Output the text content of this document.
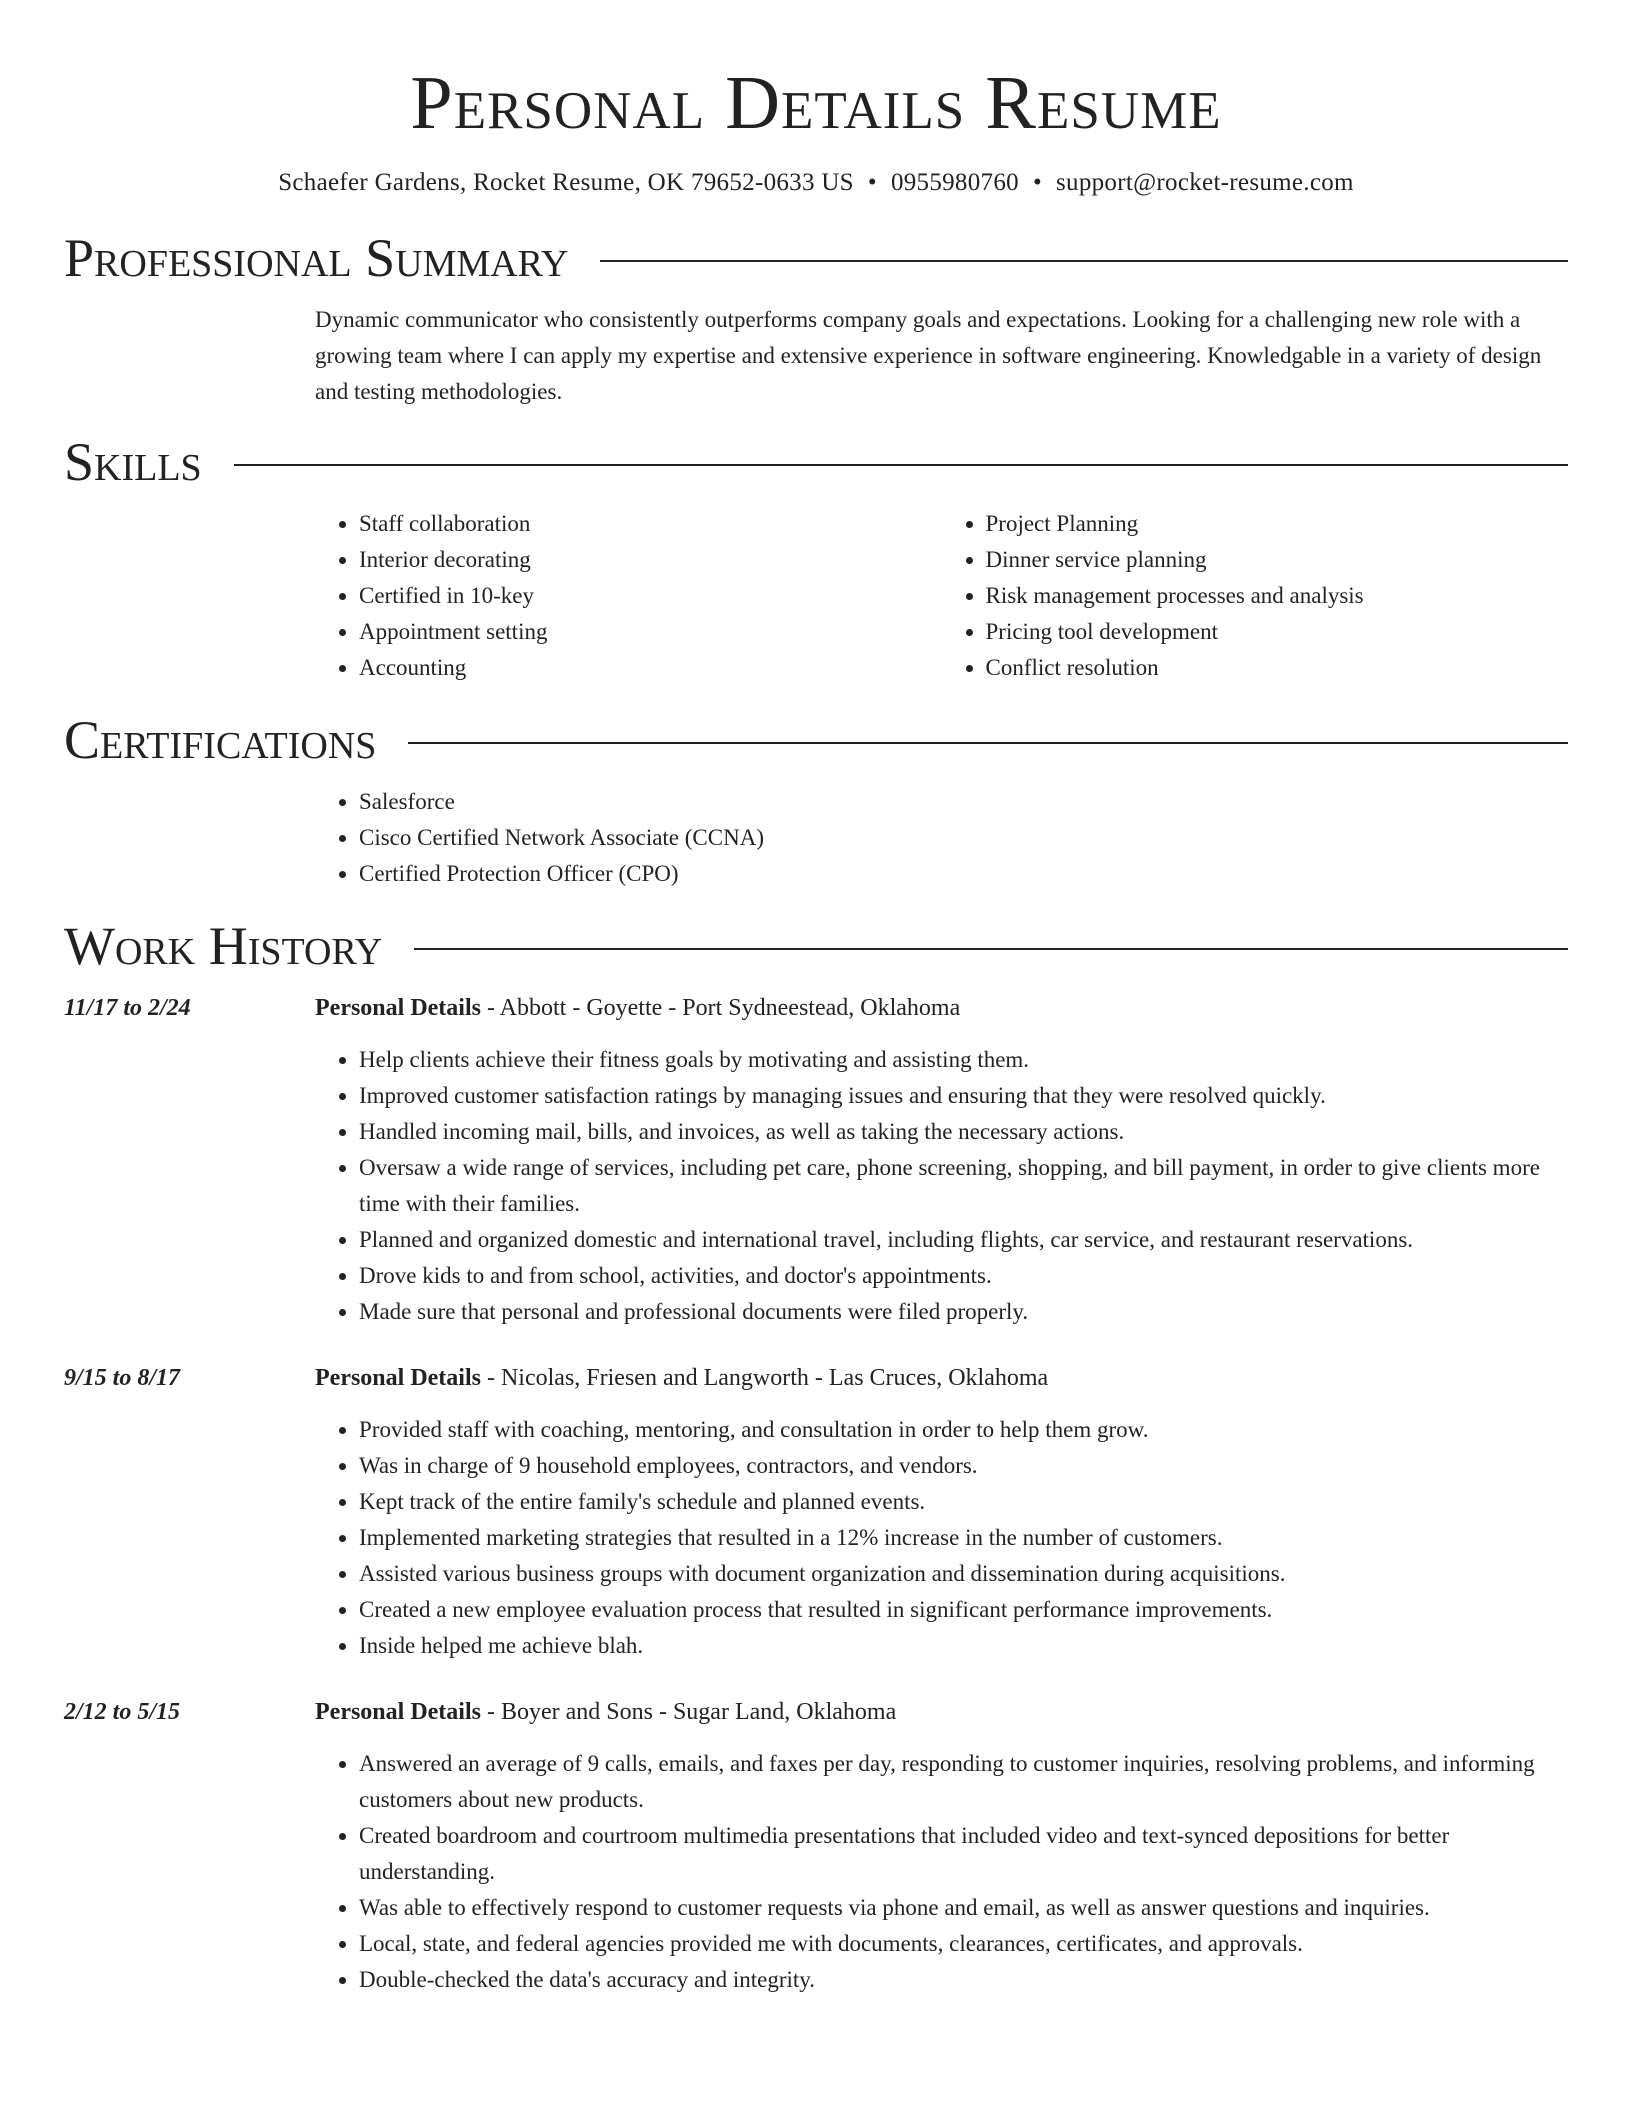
Personal Details Resume
Schaefer Gardens, Rocket Resume, OK 79652-0633 US • 0955980760 • support@rocket-resume.com
Professional Summary
Dynamic communicator who consistently outperforms company goals and expectations. Looking for a challenging new role with a growing team where I can apply my expertise and extensive experience in software engineering. Knowledgable in a variety of design and testing methodologies.
Skills
• Staff collaboration
• Interior decorating
• Certified in 10-key
• Appointment setting
• Accounting
• Project Planning
• Dinner service planning
• Risk management processes and analysis
• Pricing tool development
• Conflict resolution
Certifications
• Salesforce
• Cisco Certified Network Associate (CCNA)
• Certified Protection Officer (CPO)
Work History
11/17 to 2/24	Personal Details - Abbott - Goyette - Port Sydneestead, Oklahoma
• Help clients achieve their fitness goals by motivating and assisting them.
• Improved customer satisfaction ratings by managing issues and ensuring that they were resolved quickly.
• Handled incoming mail, bills, and invoices, as well as taking the necessary actions.
• Oversaw a wide range of services, including pet care, phone screening, shopping, and bill payment, in order to give clients more time with their families.
• Planned and organized domestic and international travel, including flights, car service, and restaurant reservations.
• Drove kids to and from school, activities, and doctor's appointments.
• Made sure that personal and professional documents were filed properly.
9/15 to 8/17	Personal Details - Nicolas, Friesen and Langworth - Las Cruces, Oklahoma
• Provided staff with coaching, mentoring, and consultation in order to help them grow.
• Was in charge of 9 household employees, contractors, and vendors.
• Kept track of the entire family's schedule and planned events.
• Implemented marketing strategies that resulted in a 12% increase in the number of customers.
• Assisted various business groups with document organization and dissemination during acquisitions.
• Created a new employee evaluation process that resulted in significant performance improvements.
• Inside helped me achieve blah.
2/12 to 5/15	Personal Details - Boyer and Sons - Sugar Land, Oklahoma
• Answered an average of 9 calls, emails, and faxes per day, responding to customer inquiries, resolving problems, and informing customers about new products.
• Created boardroom and courtroom multimedia presentations that included video and text-synced depositions for better understanding.
• Was able to effectively respond to customer requests via phone and email, as well as answer questions and inquiries.
• Local, state, and federal agencies provided me with documents, clearances, certificates, and approvals.
• Double-checked the data's accuracy and integrity.
